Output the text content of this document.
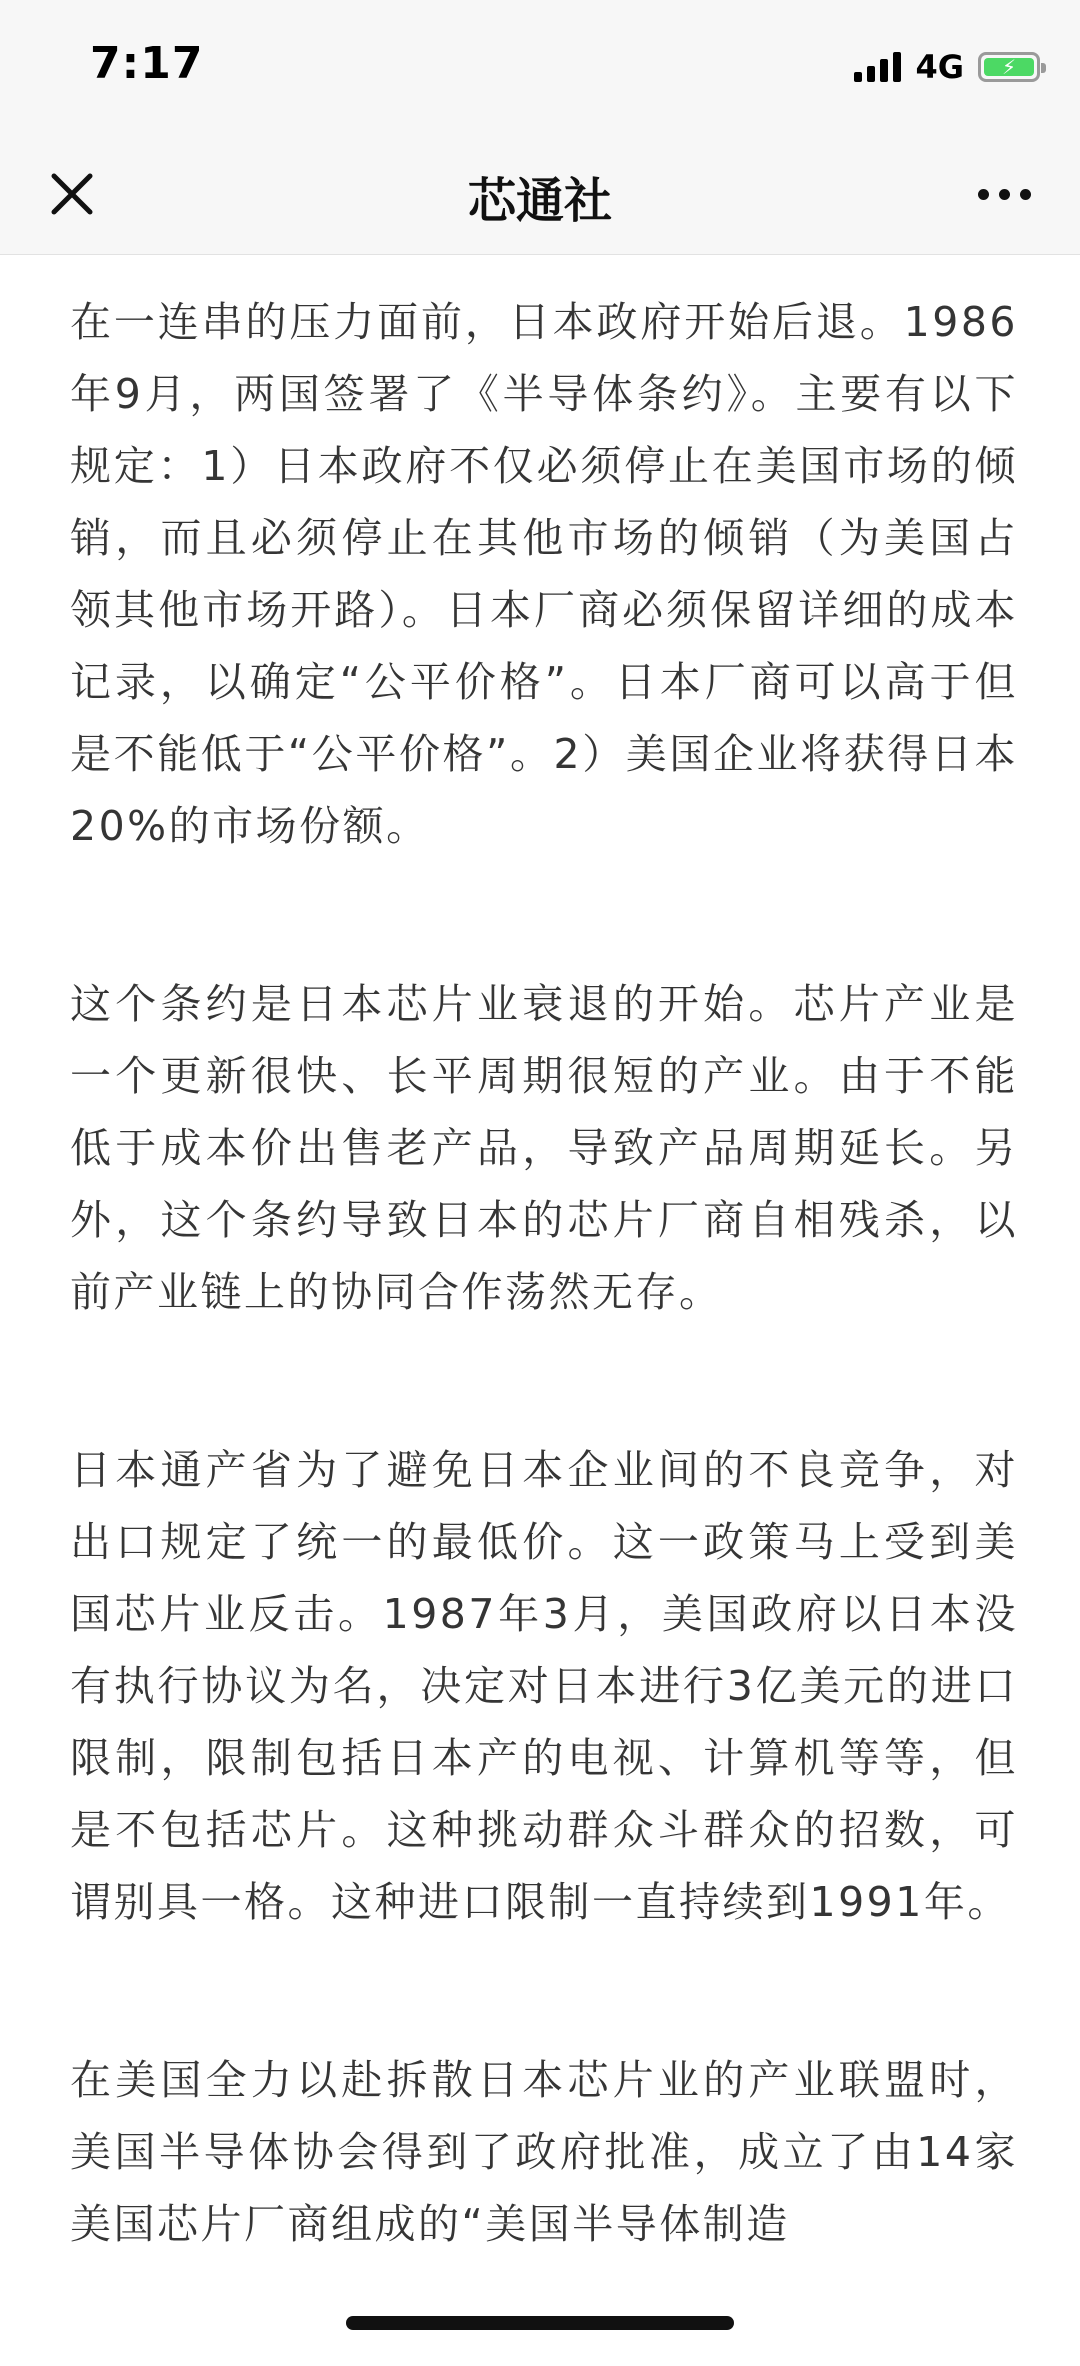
7:17	4G ⚡
芯通社

在一连串的压力面前，日本政府开始后退。1986年9月，两国签署了《半导体条约》。主要有以下规定：1）日本政府不仅必须停止在美国市场的倾销，而且必须停止在其他市场的倾销（为美国占领其他市场开路）。日本厂商必须保留详细的成本记录，以确定“公平价格”。日本厂商可以高于但是不能低于“公平价格”。2）美国企业将获得日本20%的市场份额。

这个条约是日本芯片业衰退的开始。芯片产业是一个更新很快、长平周期很短的产业。由于不能低于成本价出售老产品，导致产品周期延长。另外，这个条约导致日本的芯片厂商自相残杀，以前产业链上的协同合作荡然无存。

日本通产省为了避免日本企业间的不良竞争，对出口规定了统一的最低价。这一政策马上受到美国芯片业反击。1987年3月，美国政府以日本没有执行协议为名，决定对日本进行3亿美元的进口限制，限制包括日本产的电视、计算机等等，但是不包括芯片。这种挑动群众斗群众的招数，可谓别具一格。这种进口限制一直持续到1991年。

在美国全力以赴拆散日本芯片业的产业联盟时，美国半导体协会得到了政府批准，成立了由14家美国芯片厂商组成的“美国半导体制造
